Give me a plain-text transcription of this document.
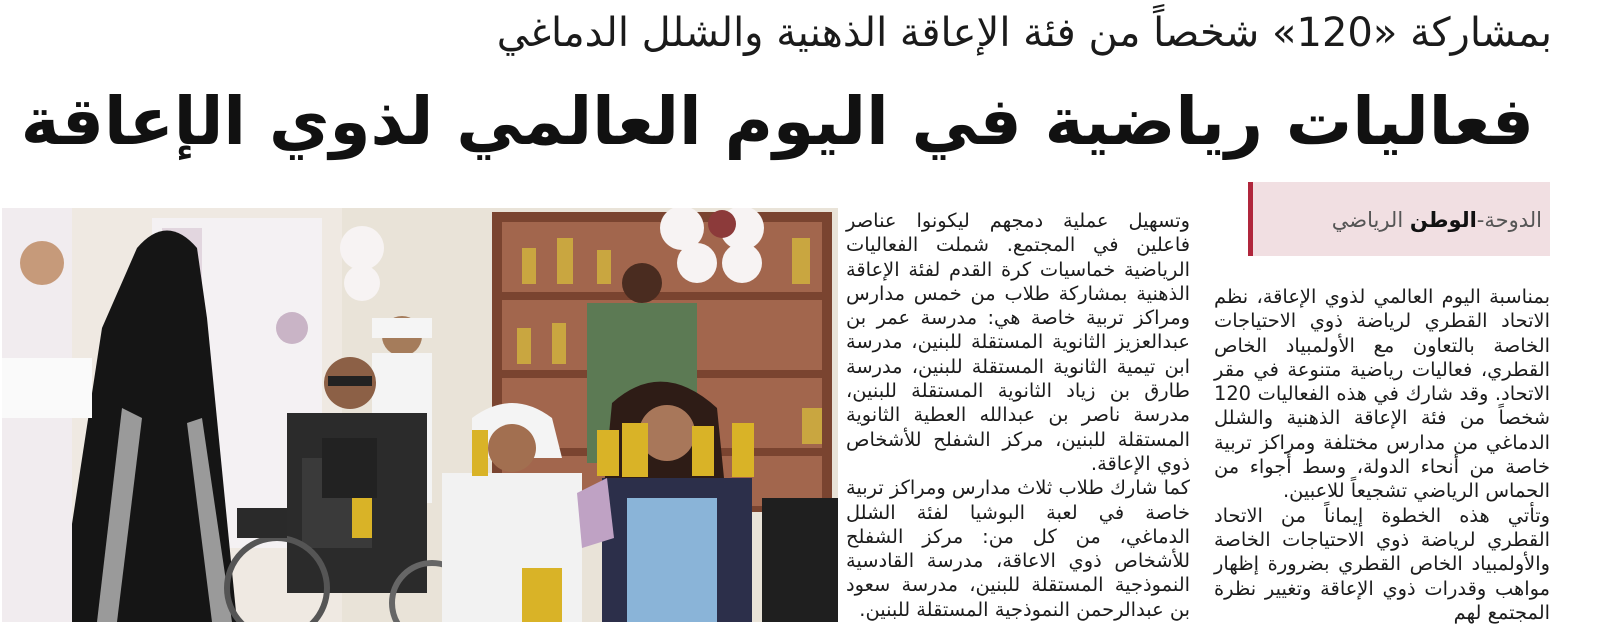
بمشاركة «120» شخصاً من فئة الإعاقة الذهنية والشلل الدماغي
فعاليات رياضية في اليوم العالمي لذوي الإعاقة
الدوحة-الوطن الرياضي

بمناسبة اليوم العالمي لذوي الإعاقة، نظم الاتحاد القطري لرياضة ذوي الاحتياجات الخاصة بالتعاون مع الأولمبياد الخاص القطري، فعاليات رياضية متنوعة في مقر الاتحاد. وقد شارك في هذه الفعاليات 120 شخصاً من فئة الإعاقة الذهنية والشلل الدماغي من مدارس مختلفة ومراكز تربية خاصة من أنحاء الدولة، وسط أجواء من الحماس الرياضي تشجيعاً للاعبين.

وتأتي هذه الخطوة إيماناً من الاتحاد القطري لرياضة ذوي الاحتياجات الخاصة والأولمبياد الخاص القطري بضرورة إظهار مواهب وقدرات ذوي الإعاقة وتغيير نظرة المجتمع لهم

وتسهيل عملية دمجهم ليكونوا عناصر فاعلين في المجتمع. شملت الفعاليات الرياضية خماسيات كرة القدم لفئة الإعاقة الذهنية بمشاركة طلاب من خمس مدارس ومراكز تربية خاصة هي: مدرسة عمر بن عبدالعزيز الثانوية المستقلة للبنين، مدرسة ابن تيمية الثانوية المستقلة للبنين، مدرسة طارق بن زياد الثانوية المستقلة للبنين، مدرسة ناصر بن عبدالله العطية الثانوية المستقلة للبنين، مركز الشفلح للأشخاص ذوي الإعاقة.

كما شارك طلاب ثلاث مدارس ومراكز تربية خاصة في لعبة البوشيا لفئة الشلل الدماغي، من كل من: مركز الشفلح للأشخاص ذوي الاعاقة، مدرسة القادسية النموذجية المستقلة للبنين، مدرسة سعود بن عبدالرحمن النموذجية المستقلة للبنين.
